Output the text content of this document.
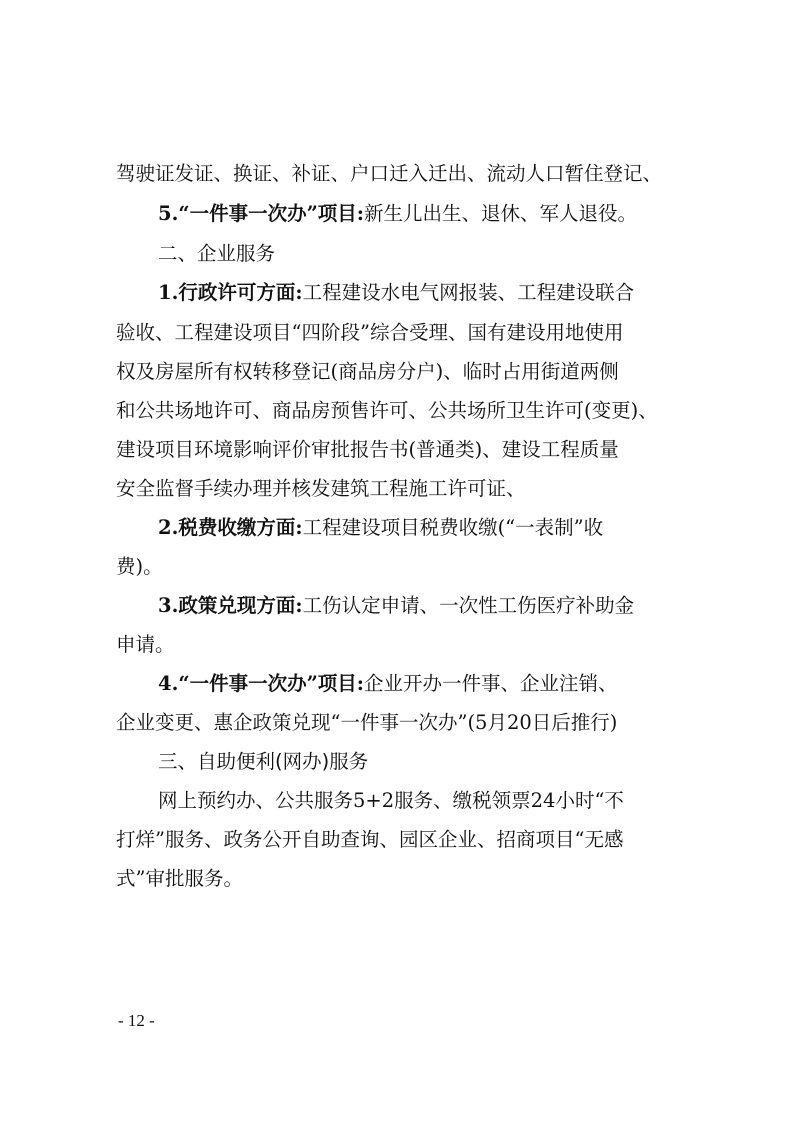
驾驶证发证、换证、补证、户口迁入迁出、流动人口暂住登记、
5.“一件事一次办”项目:新生儿出生、退休、军人退役。
二、企业服务
1.行政许可方面:工程建设水电气网报装、工程建设联合
验收、工程建设项目“四阶段”综合受理、国有建设用地使用
权及房屋所有权转移登记(商品房分户)、临时占用街道两侧
和公共场地许可、商品房预售许可、公共场所卫生许可(变更)、
建设项目环境影响评价审批报告书(普通类)、建设工程质量
安全监督手续办理并核发建筑工程施工许可证、
2.税费收缴方面:工程建设项目税费收缴(“一表制”收
费)。
3.政策兑现方面:工伤认定申请、一次性工伤医疗补助金
申请。
4.“一件事一次办”项目:企业开办一件事、企业注销、
企业变更、惠企政策兑现“一件事一次办”(5月20日后推行)
三、自助便利(网办)服务
网上预约办、公共服务5+2服务、缴税领票24小时“不
打烊”服务、政务公开自助查询、园区企业、招商项目“无感
式”审批服务。
- 12 -
